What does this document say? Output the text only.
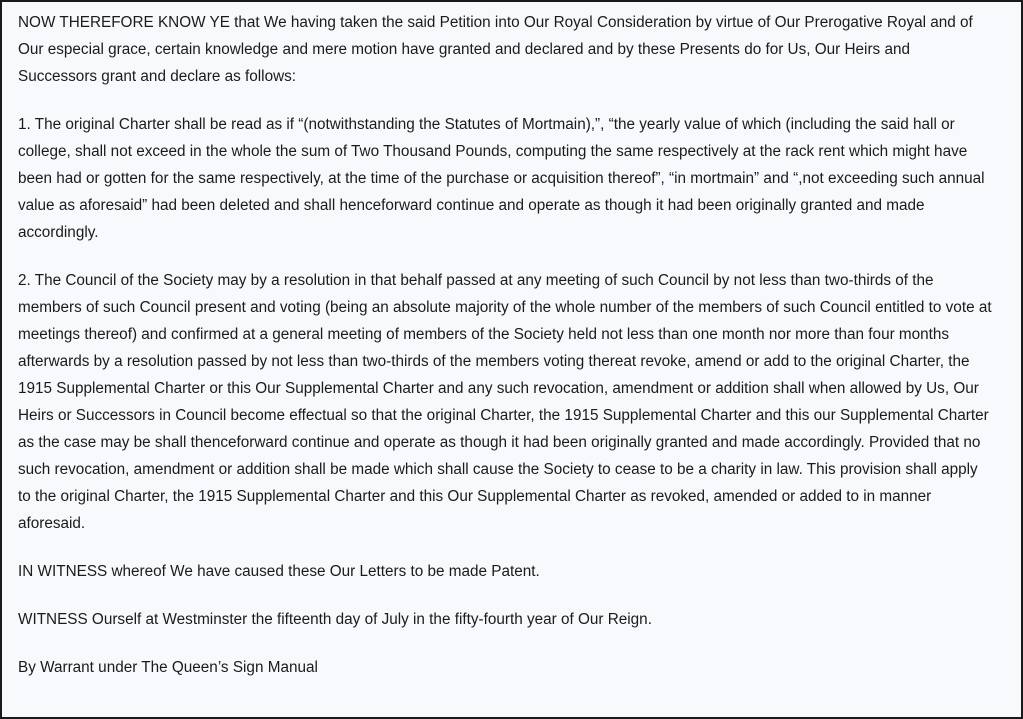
NOW THEREFORE KNOW YE that We having taken the said Petition into Our Royal Consideration by virtue of Our Prerogative Royal and of Our especial grace, certain knowledge and mere motion have granted and declared and by these Presents do for Us, Our Heirs and Successors grant and declare as follows:

1. The original Charter shall be read as if “(notwithstanding the Statutes of Mortmain),”, “the yearly value of which (including the said hall or college, shall not exceed in the whole the sum of Two Thousand Pounds, computing the same respectively at the rack rent which might have been had or gotten for the same respectively, at the time of the purchase or acquisition thereof”, “in mortmain” and “,not exceeding such annual value as aforesaid” had been deleted and shall henceforward continue and operate as though it had been originally granted and made accordingly.

2. The Council of the Society may by a resolution in that behalf passed at any meeting of such Council by not less than two-thirds of the members of such Council present and voting (being an absolute majority of the whole number of the members of such Council entitled to vote at meetings thereof) and confirmed at a general meeting of members of the Society held not less than one month nor more than four months afterwards by a resolution passed by not less than two-thirds of the members voting thereat revoke, amend or add to the original Charter, the 1915 Supplemental Charter or this Our Supplemental Charter and any such revocation, amendment or addition shall when allowed by Us, Our Heirs or Successors in Council become effectual so that the original Charter, the 1915 Supplemental Charter and this our Supplemental Charter as the case may be shall thenceforward continue and operate as though it had been originally granted and made accordingly. Provided that no such revocation, amendment or addition shall be made which shall cause the Society to cease to be a charity in law. This provision shall apply to the original Charter, the 1915 Supplemental Charter and this Our Supplemental Charter as revoked, amended or added to in manner aforesaid.

IN WITNESS whereof We have caused these Our Letters to be made Patent.

WITNESS Ourself at Westminster the fifteenth day of July in the fifty-fourth year of Our Reign.

By Warrant under The Queen’s Sign Manual
